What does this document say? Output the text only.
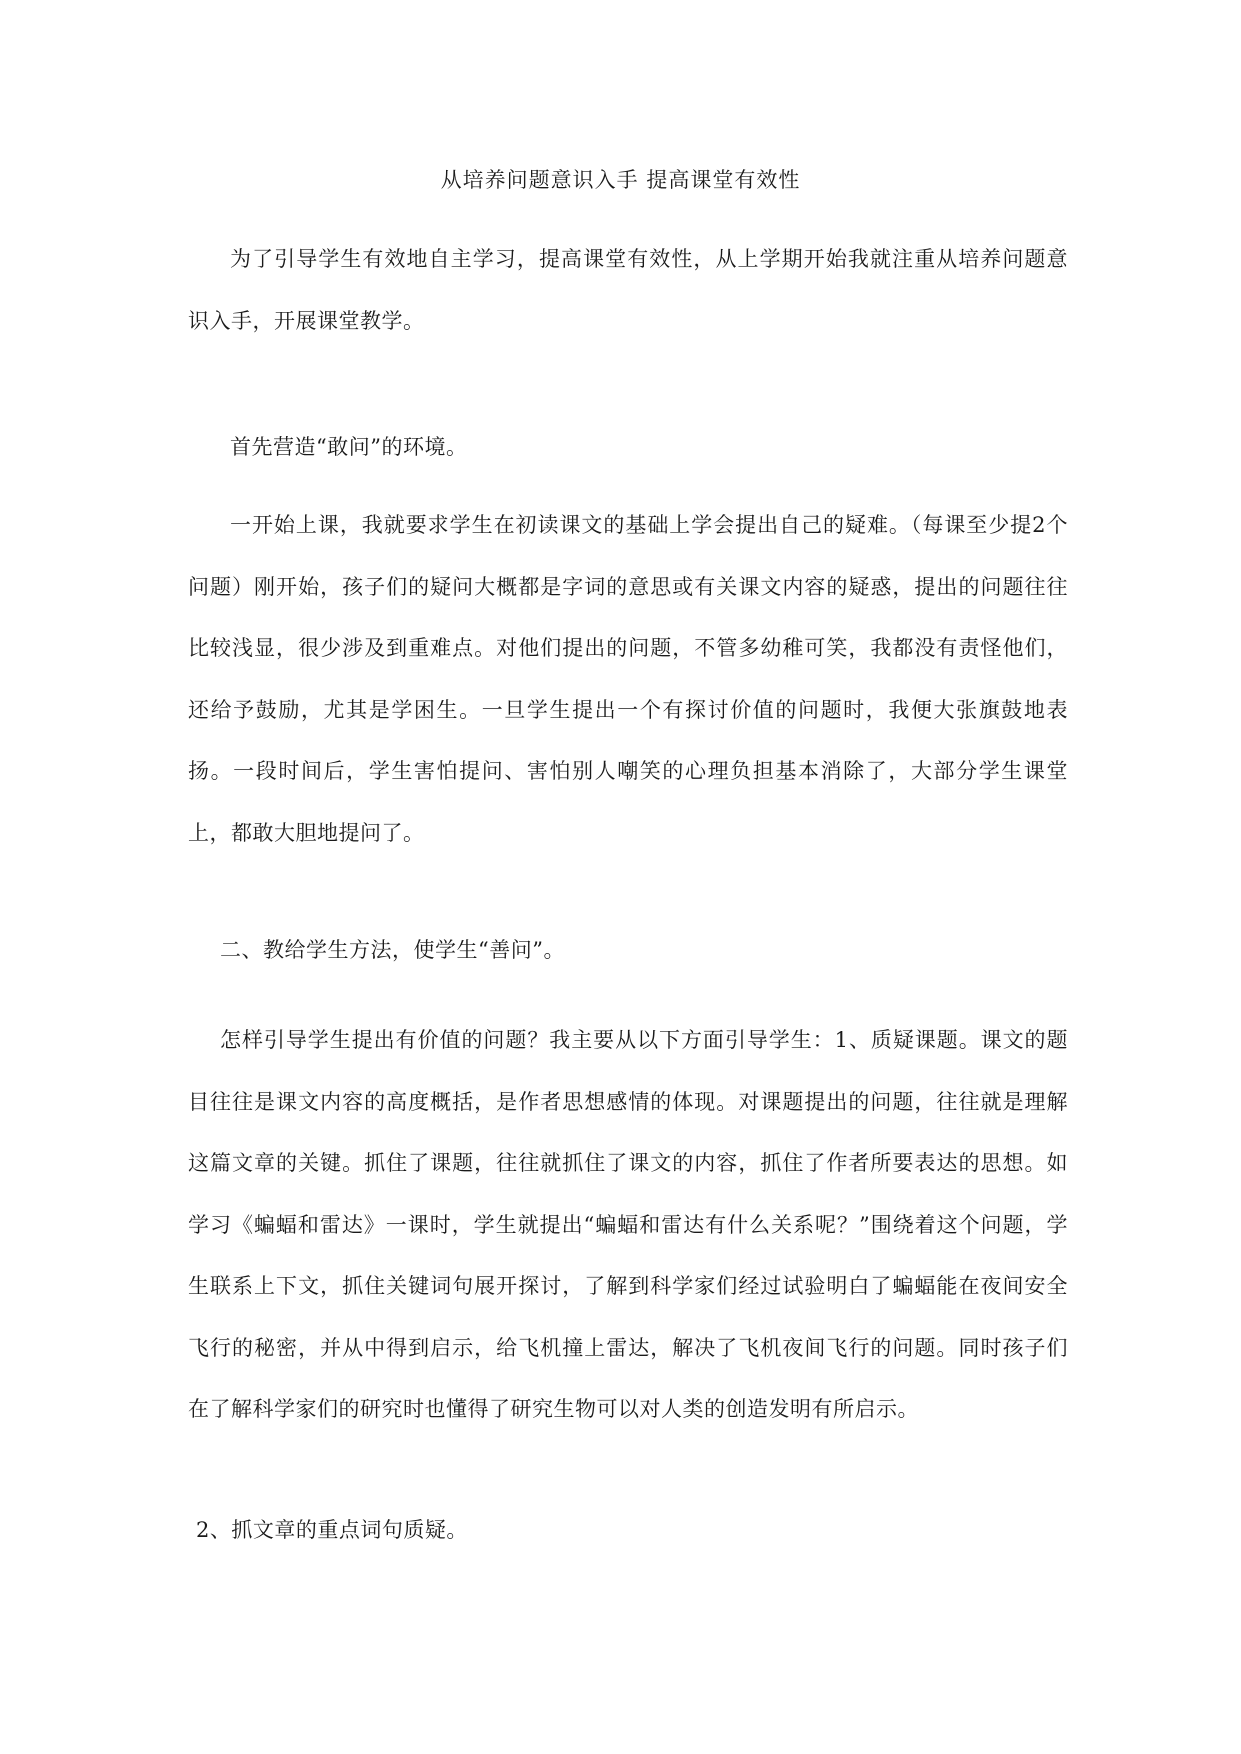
从培养问题意识入手 提高课堂有效性

为了引导学生有效地自主学习，提高课堂有效性，从上学期开始我就注重从培养问题意识入手，开展课堂教学。

首先营造“敢问”的环境。

一开始上课，我就要求学生在初读课文的基础上学会提出自己的疑难。（每课至少提2个问题）刚开始，孩子们的疑问大概都是字词的意思或有关课文内容的疑惑，提出的问题往往比较浅显，很少涉及到重难点。对他们提出的问题，不管多幼稚可笑，我都没有责怪他们，还给予鼓励，尤其是学困生。一旦学生提出一个有探讨价值的问题时，我便大张旗鼓地表扬。一段时间后，学生害怕提问、害怕别人嘲笑的心理负担基本消除了，大部分学生课堂上，都敢大胆地提问了。

二、教给学生方法，使学生“善问”。

怎样引导学生提出有价值的问题？我主要从以下方面引导学生：1、质疑课题。课文的题目往往是课文内容的高度概括，是作者思想感情的体现。对课题提出的问题，往往就是理解这篇文章的关键。抓住了课题，往往就抓住了课文的内容，抓住了作者所要表达的思想。如学习《蝙蝠和雷达》一课时，学生就提出“蝙蝠和雷达有什么关系呢？”围绕着这个问题，学生联系上下文，抓住关键词句展开探讨，了解到科学家们经过试验明白了蝙蝠能在夜间安全飞行的秘密，并从中得到启示，给飞机撞上雷达，解决了飞机夜间飞行的问题。同时孩子们在了解科学家们的研究时也懂得了研究生物可以对人类的创造发明有所启示。

2、抓文章的重点词句质疑。
